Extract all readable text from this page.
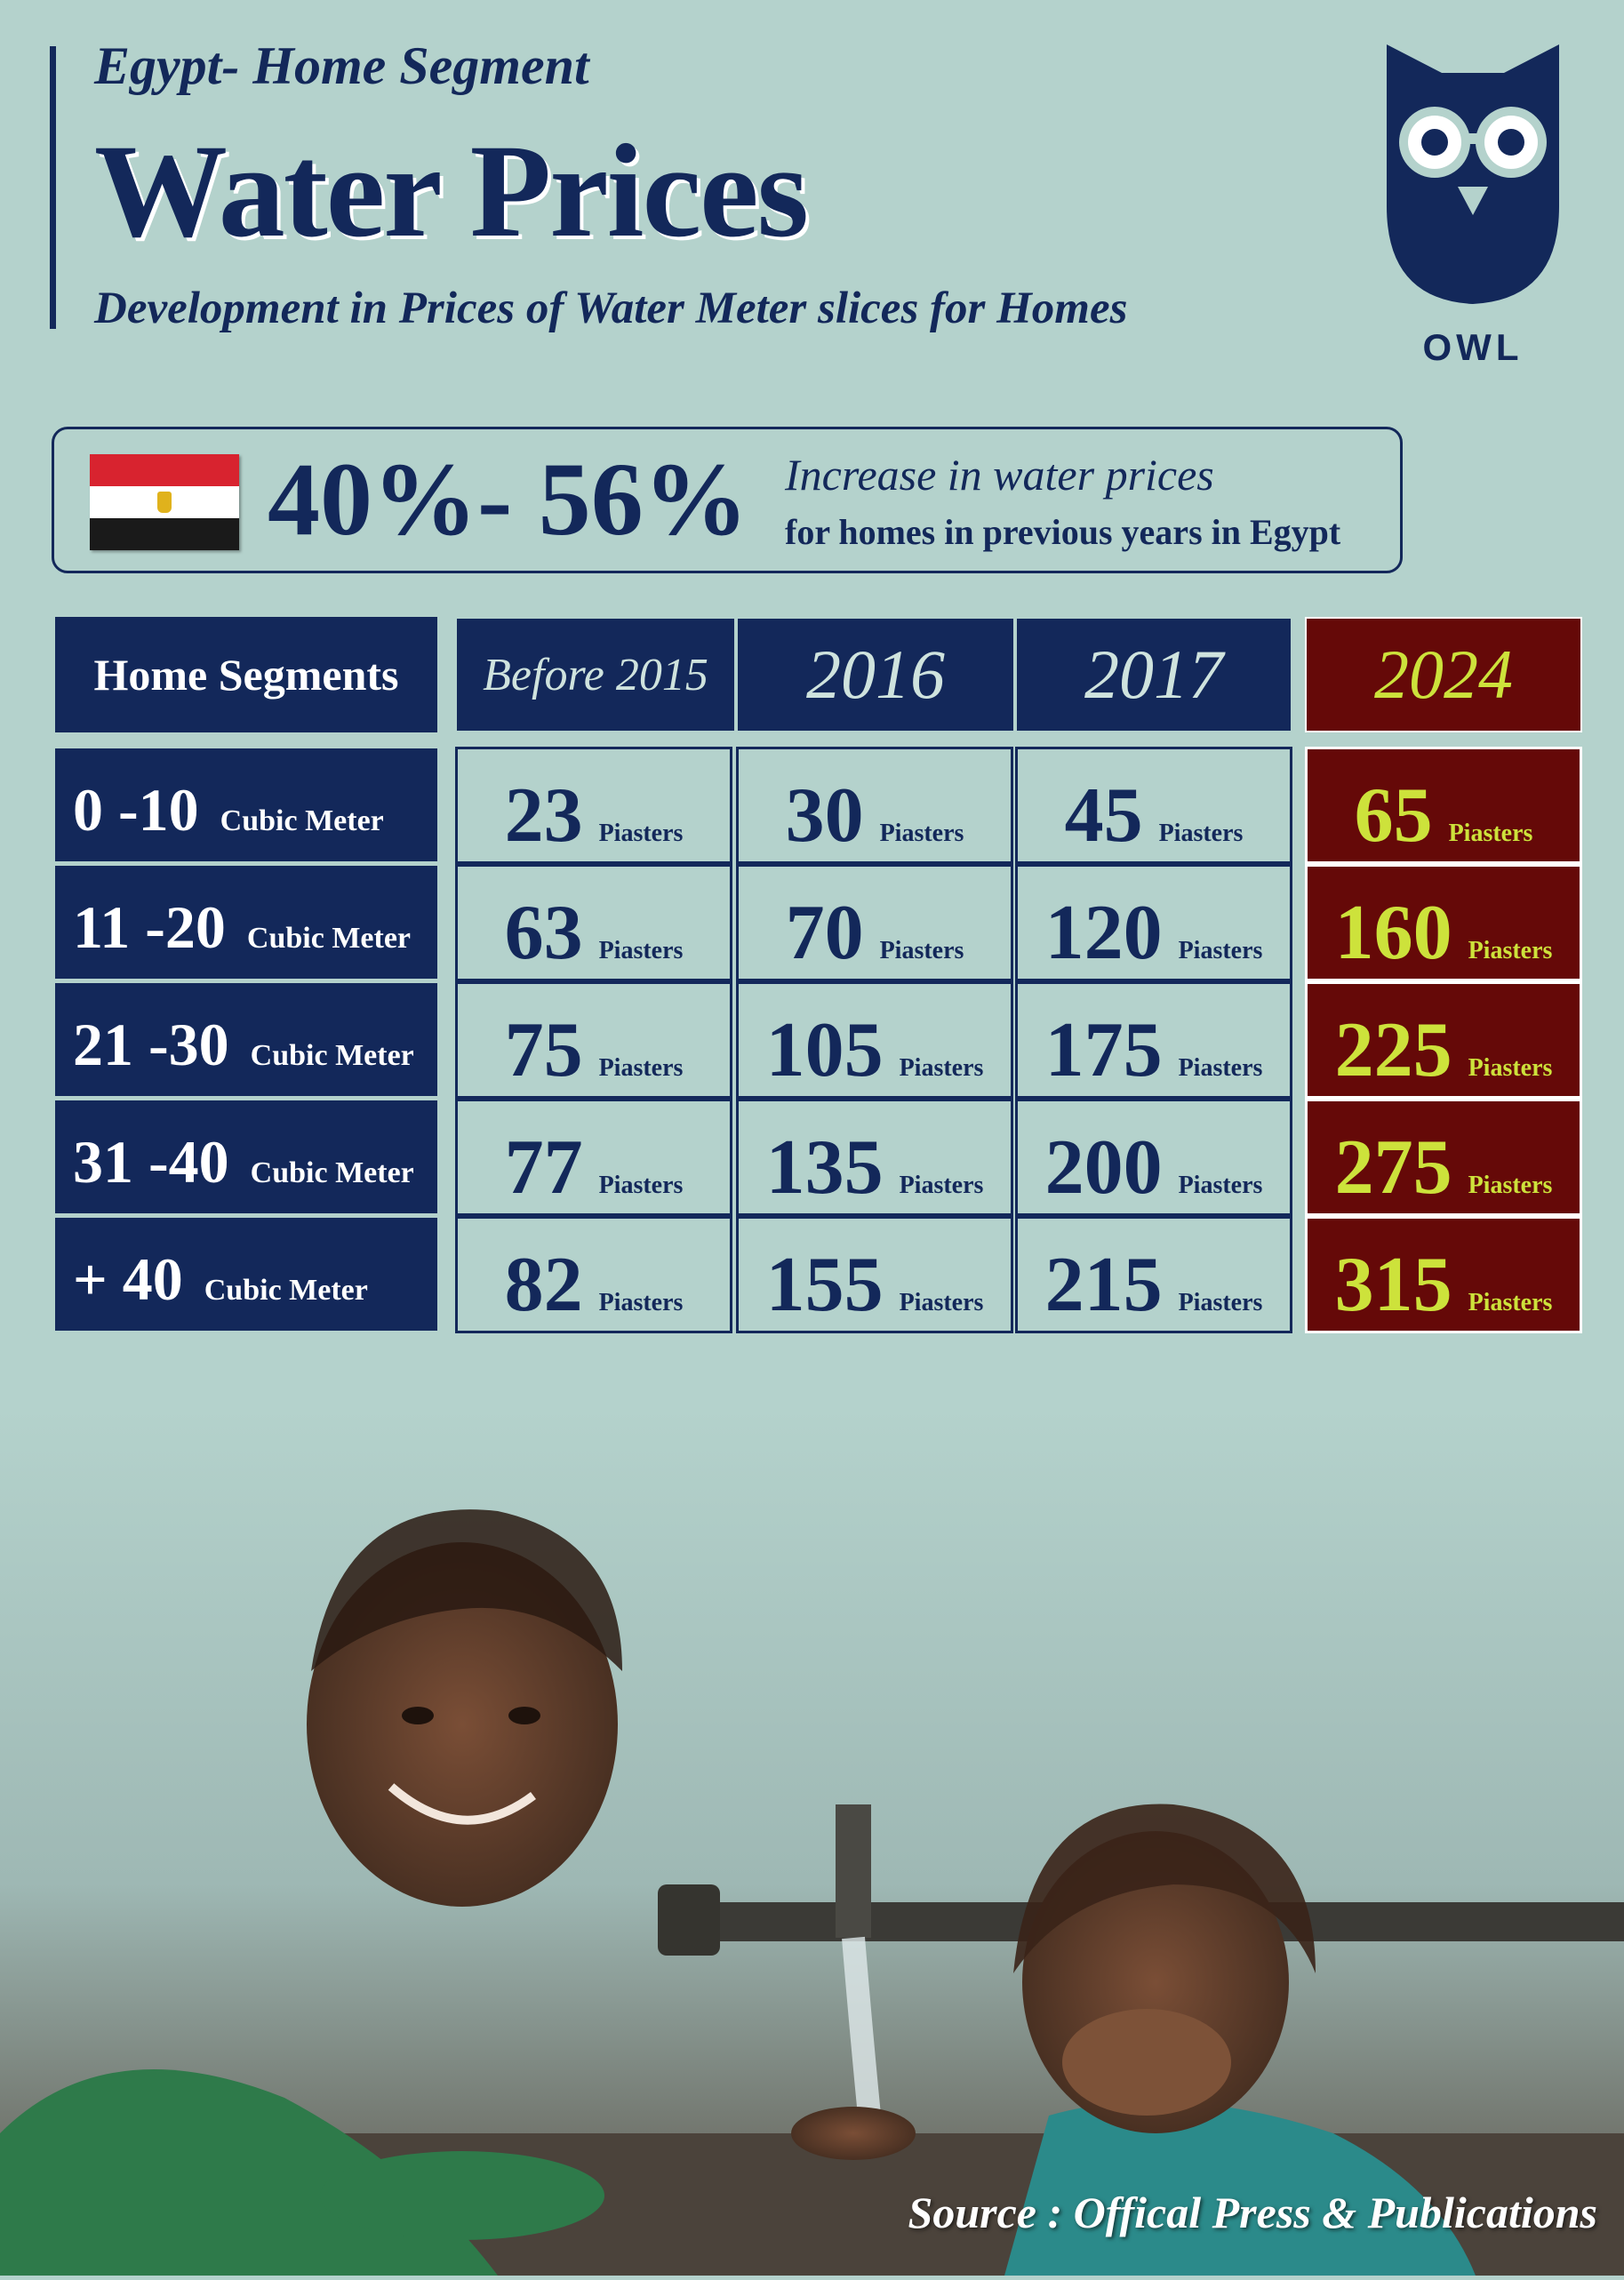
Egypt- Home Segment
Water Prices
Development in Prices of Water Meter slices for Homes
OWL
40%- 56% Increase in water prices
for homes in previous years in Egypt
Home Segments	Before 2015	2016	2017	2024
0 -10 Cubic Meter 23 Piasters 30 Piasters 45 Piasters 65 Piasters
11 -20 Cubic Meter 63 Piasters 70 Piasters 120 Piasters 160 Piasters
21 -30 Cubic Meter 75 Piasters 105 Piasters 175 Piasters 225 Piasters
31 -40 Cubic Meter 77 Piasters 135 Piasters 200 Piasters 275 Piasters
+ 40 Cubic Meter 82 Piasters 155 Piasters 215 Piasters 315 Piasters
Source : Offical Press & Publications
